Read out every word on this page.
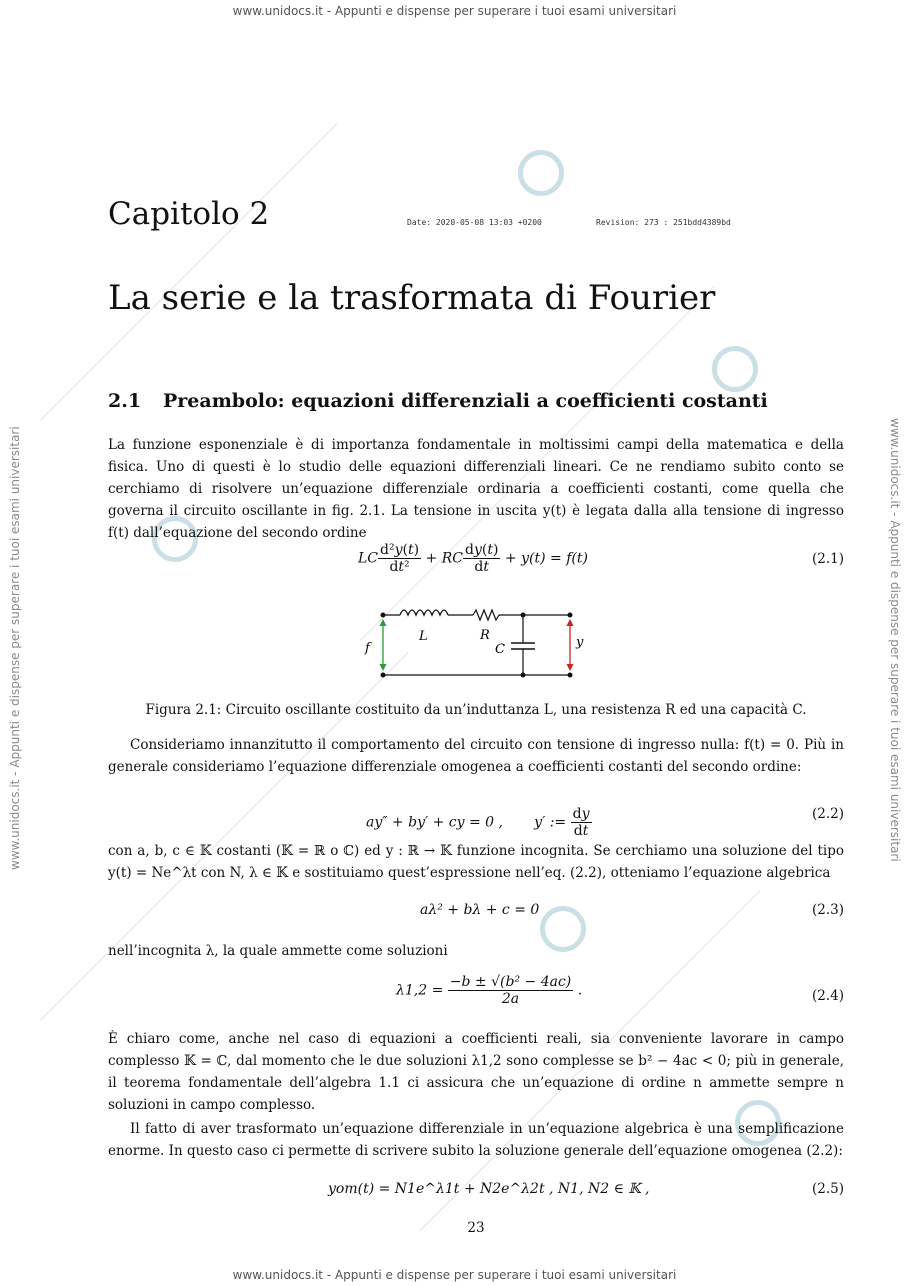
www.unidocs.it - Appunti e dispense per superare i tuoi esami universitari
www.unidocs.it - Appunti e dispense per superare i tuoi esami universitari
www.unidocs.it - Appunti e dispense per superare i tuoi esami universitari	www.unidocs.it - Appunti e dispense per superare i tuoi esami universitari
Capitolo 2	Date: 2020-05-08 13:03 +0200	Revision: 273 : 251bdd4389bd
La serie e la trasformata di Fourier
2.1 Preambolo: equazioni differenziali a coefficienti costanti
La funzione esponenziale è di importanza fondamentale in moltissimi campi della matematica e della fisica. Uno di questi è lo studio delle equazioni differenziali lineari. Ce ne rendiamo subito conto se cerchiamo di risolvere un’equazione differenziale ordinaria a coefficienti costanti, come quella che governa il circuito oscillante in fig. 2.1. La tensione in uscita y(t) è legata dalla alla tensione di ingresso f(t) dall’equazione del secondo ordine
LC $\frac{\text{d²y(t)}}{\text{dt²}}$ + RC $\frac{dy(t)}{dt} + y(t) = f(t)$	(2.1)
f
L	R
C	y
Figura 2.1: Circuito oscillante costituito da un’induttanza L, una resistenza R ed una capacità C.
Consideriamo innanzitutto il comportamento del circuito con tensione di ingresso nulla: f(t) = 0. Più in generale consideriamo l’equazione differenziale omogenea a coefficienti costanti del secondo ordine:
ay″ + by′ + cy = 0 , y′ := $\frac{dy}{dt}$	(2.2)
con a, b, c ∈ 𝕂 costanti (𝕂 = ℝ o ℂ) ed y : ℝ → 𝕂 funzione incognita. Se cerchiamo una soluzione del tipo y(t) = Ne^λt con N, λ ∈ 𝕂 e sostituiamo quest’espressione nell’eq. (2.2), otteniamo l’equazione algebrica
aλ² + bλ + c = 0	(2.3)
nell’incognita λ, la quale ammette come soluzioni
$\lambda 1,2 = \frac{\text{−b ± √(b² − 4ac)}}{2a}$ .	(2.4)
È chiaro come, anche nel caso di equazioni a coefficienti reali, sia conveniente lavorare in campo complesso 𝕂 = ℂ, dal momento che le due soluzioni λ1,2 sono complesse se b² − 4ac < 0; più in generale, il teorema fondamentale dell’algebra 1.1 ci assicura che un’equazione di ordine n ammette sempre n soluzioni in campo complesso.
Il fatto di aver trasformato un’equazione differenziale in un’equazione algebrica è una semplificazione enorme. In questo caso ci permette di scrivere subito la soluzione generale dell’equazione omogenea (2.2):
yom(t) = N1e^λ1t + N2e^λ2t , N1, N2 ∈ 𝕂 ,	(2.5)
23
